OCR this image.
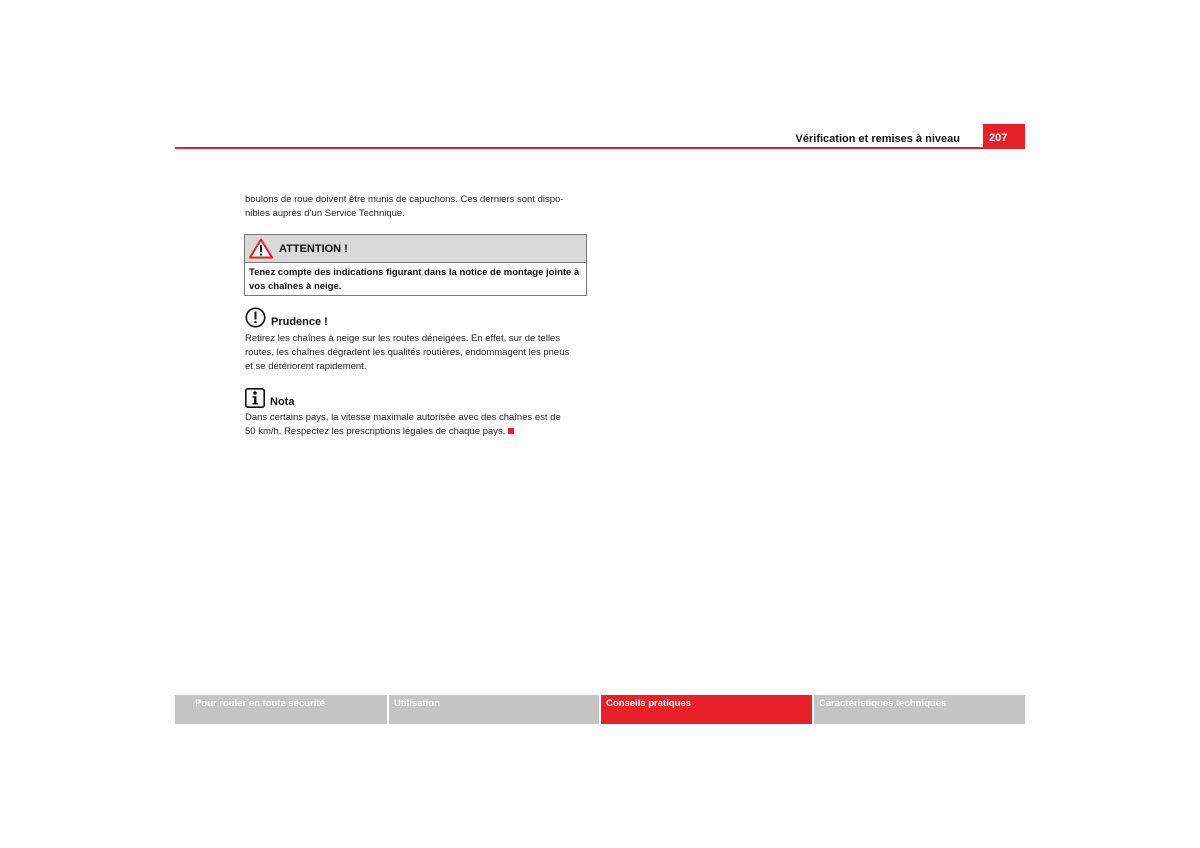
Vérification et remises à niveau	207
boulons de roue doivent être munis de capuchons. Ces derniers sont dispo-
nibles auprès d’un Service Technique.
ATTENTION !
Tenez compte des indications figurant dans la notice de montage jointe à
vos chaînes à neige.
Prudence !
Retirez les chaînes à neige sur les routes déneigées. En effet, sur de telles
routes, les chaînes dégradent les qualités routières, endommagent les pneus
et se détériorent rapidement.
Nota
Dans certains pays, la vitesse maximale autorisée avec des chaînes est de
50 km/h. Respectez les prescriptions légales de chaque pays.
Pour rouler en toute sécurité	Utilisation	Conseils pratiques	Caractéristiques techniques
